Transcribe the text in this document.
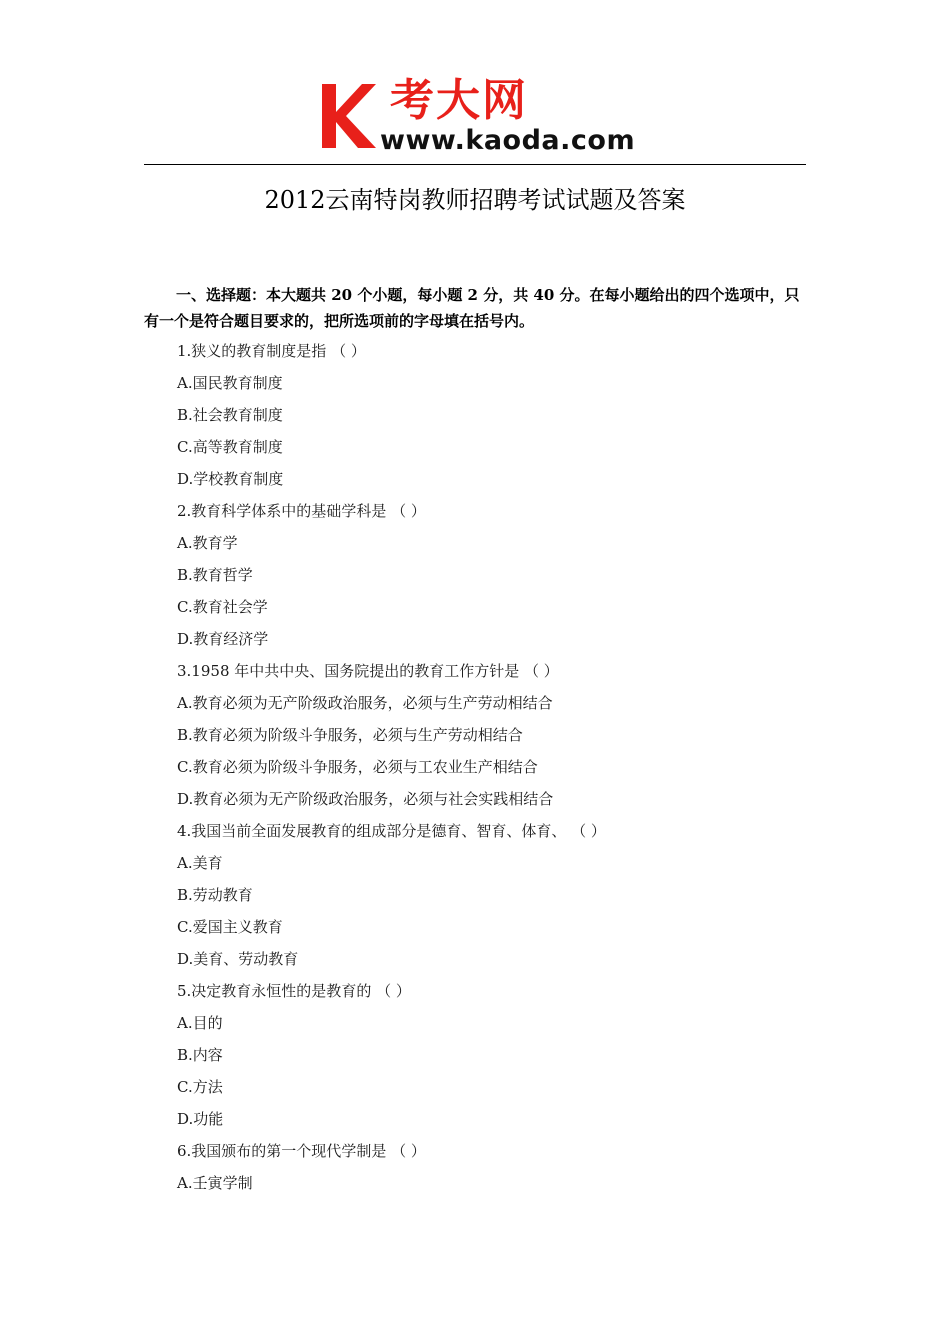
考大网
www.kaoda.com
2012云南特岗教师招聘考试试题及答案
一、选择题：本大题共 20 个小题，每小题 2 分，共 40 分。在每小题给出的四个选项中，只有一个是符合题目要求的，把所选项前的字母填在括号内。
1.狭义的教育制度是指 （ ）
A.国民教育制度
B.社会教育制度
C.高等教育制度
D.学校教育制度
2.教育科学体系中的基础学科是 （ ）
A.教育学
B.教育哲学
C.教育社会学
D.教育经济学
3.1958 年中共中央、国务院提出的教育工作方针是 （ ）
A.教育必须为无产阶级政治服务，必须与生产劳动相结合
B.教育必须为阶级斗争服务，必须与生产劳动相结合
C.教育必须为阶级斗争服务，必须与工农业生产相结合
D.教育必须为无产阶级政治服务，必须与社会实践相结合
4.我国当前全面发展教育的组成部分是德育、智育、体育、 （ ）
A.美育
B.劳动教育
C.爱国主义教育
D.美育、劳动教育
5.决定教育永恒性的是教育的 （ ）
A.目的
B.内容
C.方法
D.功能
6.我国颁布的第一个现代学制是 （ ）
A.壬寅学制
